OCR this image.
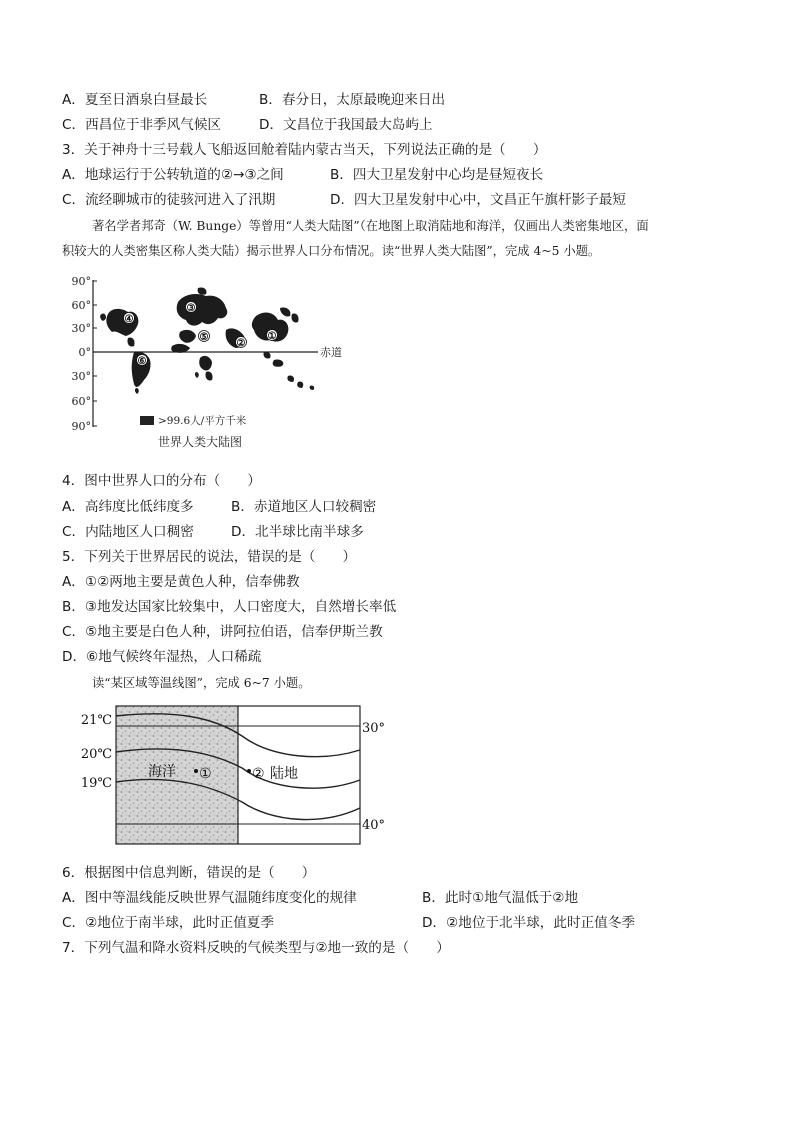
A．夏至日酒泉白昼最长	B．春分日，太原最晚迎来日出
C．西昌位于非季风气候区	D．文昌位于我国最大岛屿上
3．关于神舟十三号载人飞船返回舱着陆内蒙古当天，下列说法正确的是（　　）
A．地球运行于公转轨道的②→③之间	B．四大卫星发射中心均是昼短夜长
C．流经聊城市的徒骇河进入了汛期	D．四大卫星发射中心中，文昌正午旗杆影子最短
著名学者邦奇（W. Bunge）等曾用“人类大陆图”（在地图上取消陆地和海洋，仅画出人类密集地区，面
积较大的人类密集区称人类大陆）揭示世界人口分布情况。读“世界人类大陆图”，完成 4~5 小题。
90°
60°
30°
0°
30°
60°
90°
赤道
④
③
⑤
②
①
⑥
>99.6人/平方千米
世界人类大陆图
4．图中世界人口的分布（　　）
A．高纬度比低纬度多	B．赤道地区人口较稠密
C．内陆地区人口稠密	D．北半球比南半球多
5．下列关于世界居民的说法，错误的是（　　）
A．①②两地主要是黄色人种，信奉佛教
B．③地发达国家比较集中，人口密度大，自然增长率低
C．⑤地主要是白色人种，讲阿拉伯语，信奉伊斯兰教
D．⑥地气候终年湿热，人口稀疏
读“某区域等温线图”，完成 6~7 小题。
21℃
20℃
19℃
30°
40°
海洋 ①	② 陆地
6．根据图中信息判断，错误的是（　　）
A．图中等温线能反映世界气温随纬度变化的规律	B．此时①地气温低于②地
C．②地位于南半球，此时正值夏季	D．②地位于北半球，此时正值冬季
7．下列气温和降水资料反映的气候类型与②地一致的是（　　）
